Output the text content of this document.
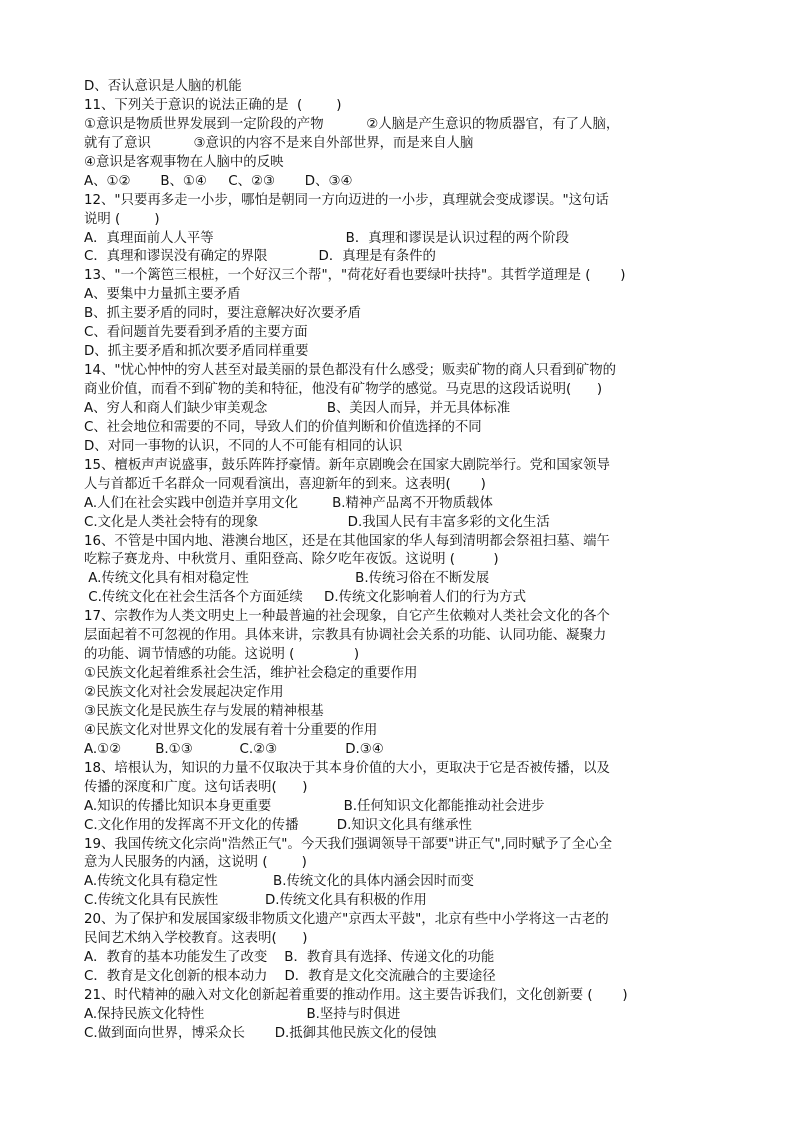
D、否认意识是人脑的机能
11、下列关于意识的说法正确的是  (        )
①意识是物质世界发展到一定阶段的产物          ②人脑是产生意识的物质器官，有了人脑，
就有了意识          ③意识的内容不是来自外部世界，而是来自人脑
④意识是客观事物在人脑中的反映
A、①②       B、①④     C、②③       D、③④
12、"只要再多走一小步，哪怕是朝同一方向迈进的一小步，真理就会变成谬误。"这句话
说明 (        )
A．真理面前人人平等                               B．真理和谬误是认识过程的两个阶段
C．真理和谬误没有确定的界限            D．真理是有条件的
13、"一个篱笆三根桩，一个好汉三个帮"，"荷花好看也要绿叶扶持"。其哲学道理是 (       )
A、要集中力量抓主要矛盾
B、抓主要矛盾的同时，要注意解决好次要矛盾
C、看问题首先要看到矛盾的主要方面
D、抓主要矛盾和抓次要矛盾同样重要
14、"忧心忡忡的穷人甚至对最美丽的景色都没有什么感受；贩卖矿物的商人只看到矿物的
商业价值，而看不到矿物的美和特征，他没有矿物学的感觉。马克思的这段话说明(      )
A、穷人和商人们缺少审美观念              B、美因人而异，并无具体标准
C、社会地位和需要的不同，导致人们的价值判断和价值选择的不同
D、对同一事物的认识，不同的人不可能有相同的认识
15、檀板声声说盛事，鼓乐阵阵抒豪情。新年京剧晚会在国家大剧院举行。党和国家领导
人与首都近千名群众一同观看演出，喜迎新年的到来。这表明(       )
A.人们在社会实践中创造并享用文化        B.精神产品离不开物质载体
C.文化是人类社会特有的现象                     D.我国人民有丰富多彩的文化生活
16、不管是中国内地、港澳台地区，还是在其他国家的华人每到清明都会祭祖扫墓、端午
吃粽子赛龙舟、中秋赏月、重阳登高、除夕吃年夜饭。这说明 (         )
A.传统文化具有相对稳定性                         B.传统习俗在不断发展
C.传统文化在社会生活各个方面延续     D.传统文化影响着人们的行为方式
17、宗教作为人类文明史上一种最普遍的社会现象，自它产生依赖对人类社会文化的各个
层面起着不可忽视的作用。具体来讲，宗教具有协调社会关系的功能、认同功能、凝聚力
的功能、调节情感的功能。这说明 (              )
①民族文化起着维系社会生活，维护社会稳定的重要作用
②民族文化对社会发展起决定作用
③民族文化是民族生存与发展的精神根基
④民族文化对世界文化的发展有着十分重要的作用
A.①②        B.①③           C.②③                D.③④
18、培根认为，知识的力量不仅取决于其本身价值的大小，更取决于它是否被传播，以及
传播的深度和广度。这句话表明(      )
A.知识的传播比知识本身更重要                 B.任何知识文化都能推动社会进步
C.文化作用的发挥离不开文化的传播         D.知识文化具有继承性
19、我国传统文化宗尚"浩然正气"。今天我们强调领导干部要"讲正气",同时赋予了全心全
意为人民服务的内涵，这说明 (        )
A.传统文化具有稳定性             B.传统文化的具体内涵会因时而变
C.传统文化具有民族性           D.传统文化具有积极的作用
20、为了保护和发展国家级非物质文化遗产"京西太平鼓"，北京有些中小学将这一古老的
民间艺术纳入学校教育。这表明(      )
A．教育的基本功能发生了改变    B．教育具有选择、传递文化的功能
C．教育是文化创新的根本动力    D．教育是文化交流融合的主要途径
21、时代精神的融入对文化创新起着重要的推动作用。这主要告诉我们，文化创新要 (       )
A.保持民族文化特性                        B.坚持与时俱进
C.做到面向世界，博采众长       D.抵御其他民族文化的侵蚀
